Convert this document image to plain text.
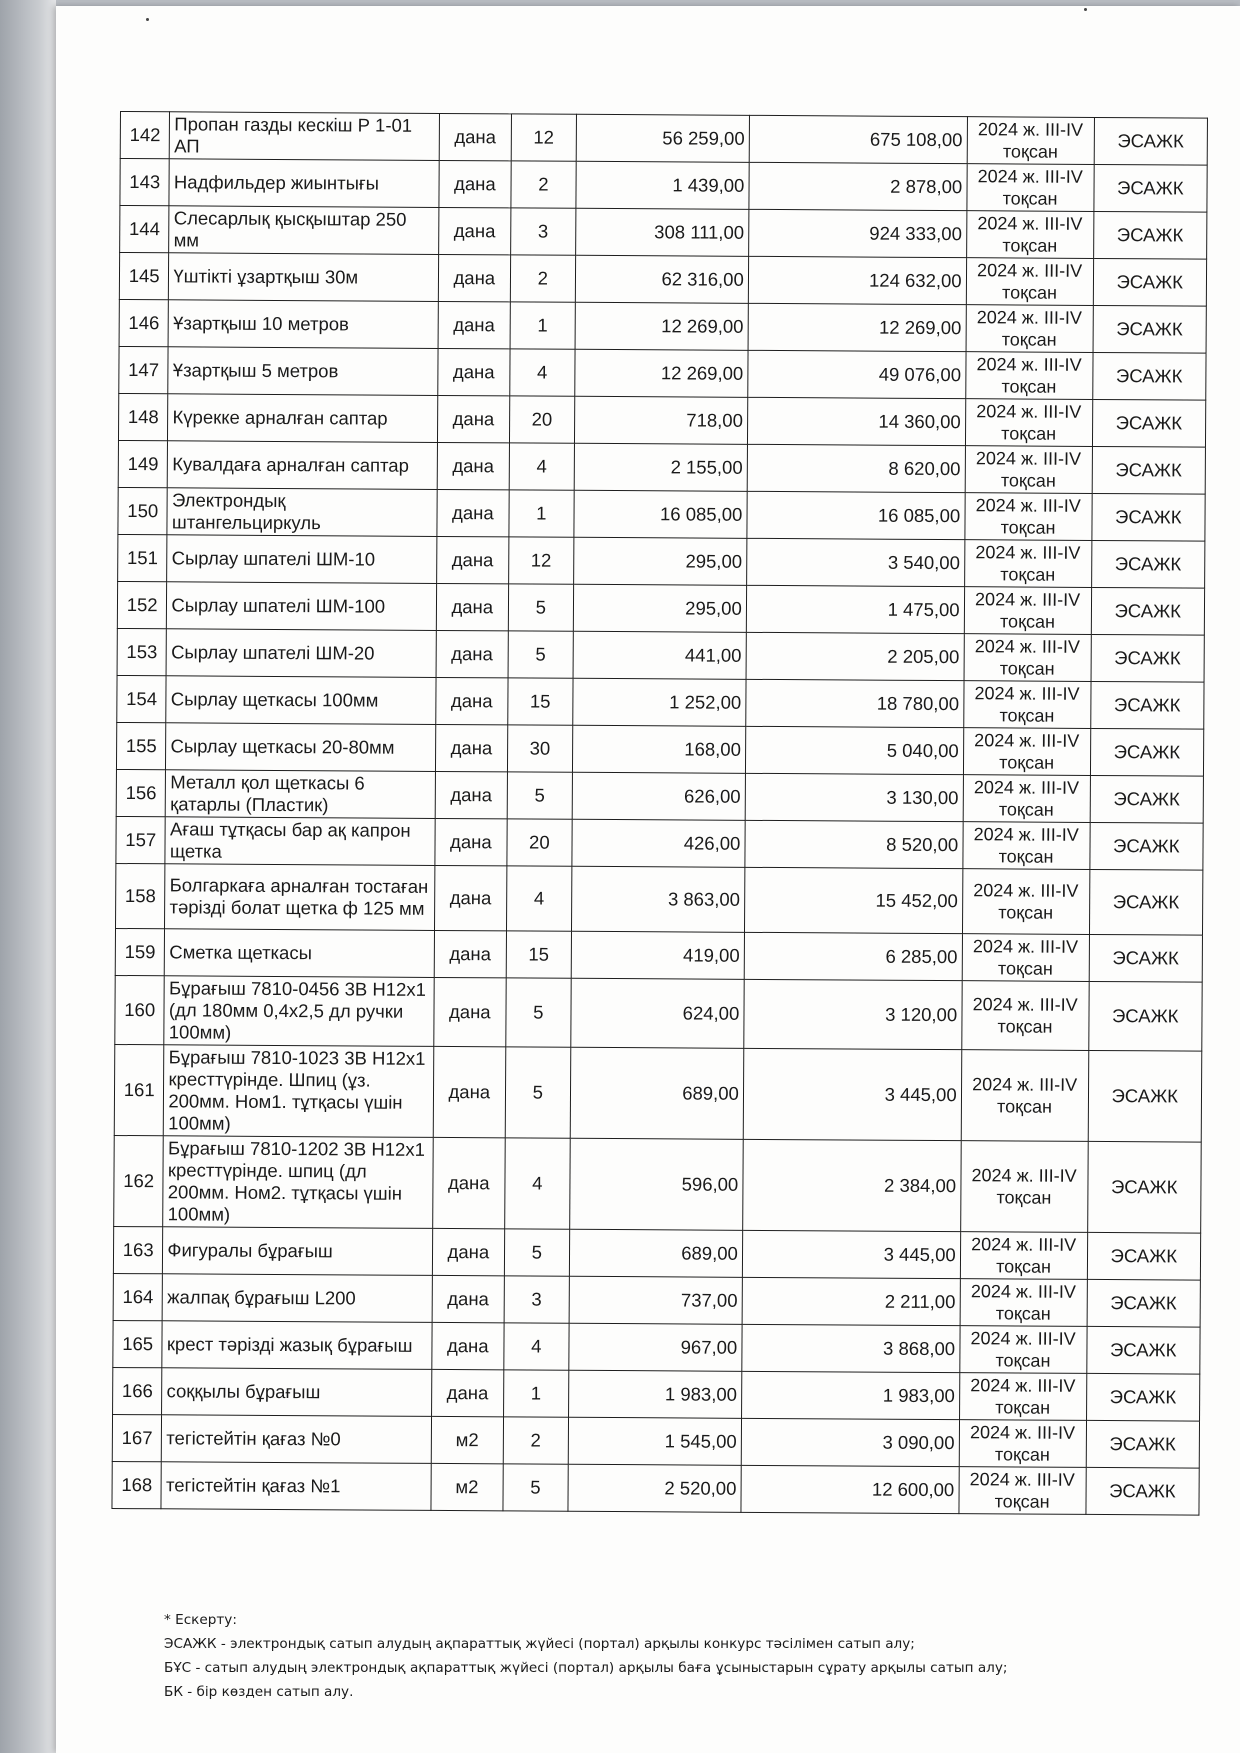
142	Пропан газды кескіш Р 1-01 АП	дана	12	56 259,00	675 108,00	2024 ж. III-IV тоқсан	ЭСАЖК
143	Надфильдер жиынтығы	дана	2	1 439,00	2 878,00	2024 ж. III-IV тоқсан	ЭСАЖК
144	Слесарлық қысқыштар 250 мм	дана	3	308 111,00	924 333,00	2024 ж. III-IV тоқсан	ЭСАЖК
145	Үштікті ұзартқыш 30м	дана	2	62 316,00	124 632,00	2024 ж. III-IV тоқсан	ЭСАЖК
146	Ұзартқыш 10 метров	дана	1	12 269,00	12 269,00	2024 ж. III-IV тоқсан	ЭСАЖК
147	Ұзартқыш 5 метров	дана	4	12 269,00	49 076,00	2024 ж. III-IV тоқсан	ЭСАЖК
148	Күрекке арналған саптар	дана	20	718,00	14 360,00	2024 ж. III-IV тоқсан	ЭСАЖК
149	Кувалдаға арналған саптар	дана	4	2 155,00	8 620,00	2024 ж. III-IV тоқсан	ЭСАЖК
150	Электрондық штангельциркуль	дана	1	16 085,00	16 085,00	2024 ж. III-IV тоқсан	ЭСАЖК
151	Сырлау шпателі ШМ-10	дана	12	295,00	3 540,00	2024 ж. III-IV тоқсан	ЭСАЖК
152	Сырлау шпателі ШМ-100	дана	5	295,00	1 475,00	2024 ж. III-IV тоқсан	ЭСАЖК
153	Сырлау шпателі ШМ-20	дана	5	441,00	2 205,00	2024 ж. III-IV тоқсан	ЭСАЖК
154	Сырлау щеткасы 100мм	дана	15	1 252,00	18 780,00	2024 ж. III-IV тоқсан	ЭСАЖК
155	Сырлау щеткасы 20-80мм	дана	30	168,00	5 040,00	2024 ж. III-IV тоқсан	ЭСАЖК
156	Металл қол щеткасы 6 қатарлы (Пластик)	дана	5	626,00	3 130,00	2024 ж. III-IV тоқсан	ЭСАЖК
157	Ағаш тұтқасы бар ақ капрон щетка	дана	20	426,00	8 520,00	2024 ж. III-IV тоқсан	ЭСАЖК
158	Болгаркаға арналған тостаған тәрізді болат щетка ф 125 мм	дана	4	3 863,00	15 452,00	2024 ж. III-IV тоқсан	ЭСАЖК
159	Сметка щеткасы	дана	15	419,00	6 285,00	2024 ж. III-IV тоқсан	ЭСАЖК
160	Бұрағыш 7810-0456 3В Н12х1 (дл 180мм 0,4х2,5 дл ручки 100мм)	дана	5	624,00	3 120,00	2024 ж. III-IV тоқсан	ЭСАЖК
161	Бұрағыш 7810-1023 3В Н12х1 кресттүрінде. Шпиц (ұз. 200мм. Ном1. тұтқасы үшін 100мм)	дана	5	689,00	3 445,00	2024 ж. III-IV тоқсан	ЭСАЖК
162	Бұрағыш 7810-1202 3В Н12х1 кресттүрінде. шпиц (дл 200мм. Ном2. тұтқасы үшін 100мм)	дана	4	596,00	2 384,00	2024 ж. III-IV тоқсан	ЭСАЖК
163	Фигуралы бұрағыш	дана	5	689,00	3 445,00	2024 ж. III-IV тоқсан	ЭСАЖК
164	жалпақ бұрағыш L200	дана	3	737,00	2 211,00	2024 ж. III-IV тоқсан	ЭСАЖК
165	крест тәрізді жазық бұрағыш	дана	4	967,00	3 868,00	2024 ж. III-IV тоқсан	ЭСАЖК
166	соққылы бұрағыш	дана	1	1 983,00	1 983,00	2024 ж. III-IV тоқсан	ЭСАЖК
167	тегістейтін қағаз №0	м2	2	1 545,00	3 090,00	2024 ж. III-IV тоқсан	ЭСАЖК
168	тегістейтін қағаз №1	м2	5	2 520,00	12 600,00	2024 ж. III-IV тоқсан	ЭСАЖК
* Ескерту:
ЭСАЖК - электрондық сатып алудың ақпараттық жүйесі (портал) арқылы конкурс тәсілімен сатып алу;
БҰС - сатып алудың электрондық ақпараттық жүйесі (портал) арқылы баға ұсыныстарын сұрату арқылы сатып алу;
БК - бір көзден сатып алу.
